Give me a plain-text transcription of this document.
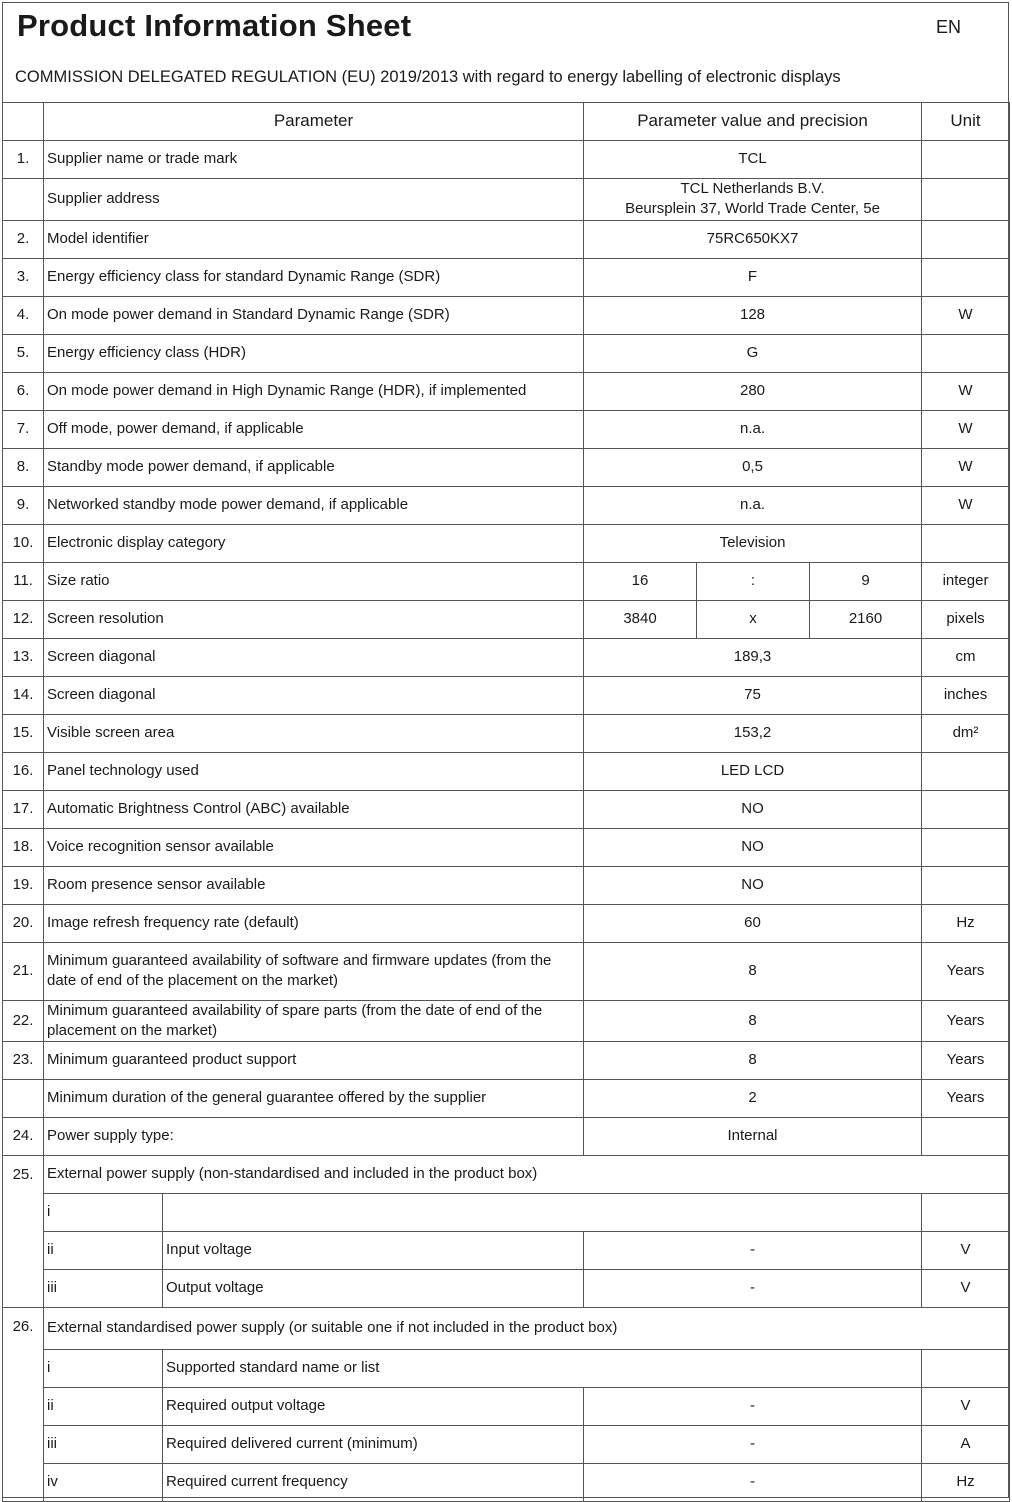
Product Information Sheet	EN
COMMISSION DELEGATED REGULATION (EU) 2019/2013 with regard to energy labelling of electronic displays
	Parameter		Parameter value and precision			Unit
1.	Supplier name or trade mark		TCL			
	Supplier address		TCL Netherlands B.V.
Beursplein 37, World Trade Center, 5e			

2.	Model identifier		75RC650KX7			
3.	Energy efficiency class for standard Dynamic Range (SDR)		F			
4.	On mode power demand in Standard Dynamic Range (SDR)		128			W
5.	Energy efficiency class (HDR)		G			
6.	On mode power demand in High Dynamic Range (HDR), if implemented		280			W
7.	Off mode, power demand, if applicable		n.a.			W
8.	Standby mode power demand, if applicable		0,5			W
9.	Networked standby mode power demand, if applicable		n.a.			W
10.	Electronic display category		Television			
11.	Size ratio		16	:	9	integer
12.	Screen resolution		3840	x	2160	pixels
13.	Screen diagonal		189,3			cm
14.	Screen diagonal		75			inches
15.	Visible screen area		153,2			dm²
16.	Panel technology used		LED LCD			
17.	Automatic Brightness Control (ABC) available		NO			
18.	Voice recognition sensor available		NO			
19.	Room presence sensor available		NO			
20.	Image refresh frequency rate (default)		60			Hz
21.	Minimum guaranteed availability of software and firmware updates (from the
date of end of the placement on the market)		8			Years
22.	Minimum guaranteed availability of spare parts (from the date of end of the
placement on the market)		8			Years
23.	Minimum guaranteed product support		8			Years
	Minimum duration of the general guarantee offered by the supplier		2			Years
24.	Power supply type:		Internal			
25.	External power supply (non-standardised and included in the product box)					
	i					
	ii	Input voltage	-			V
	iii	Output voltage	-			V
26.	External standardised power supply (or suitable one if not included in the product box)					
	i	Supported standard name or list				
	ii	Required output voltage	-			V
	iii	Required delivered current (minimum)	-			A
	iv	Required current frequency	-			Hz
